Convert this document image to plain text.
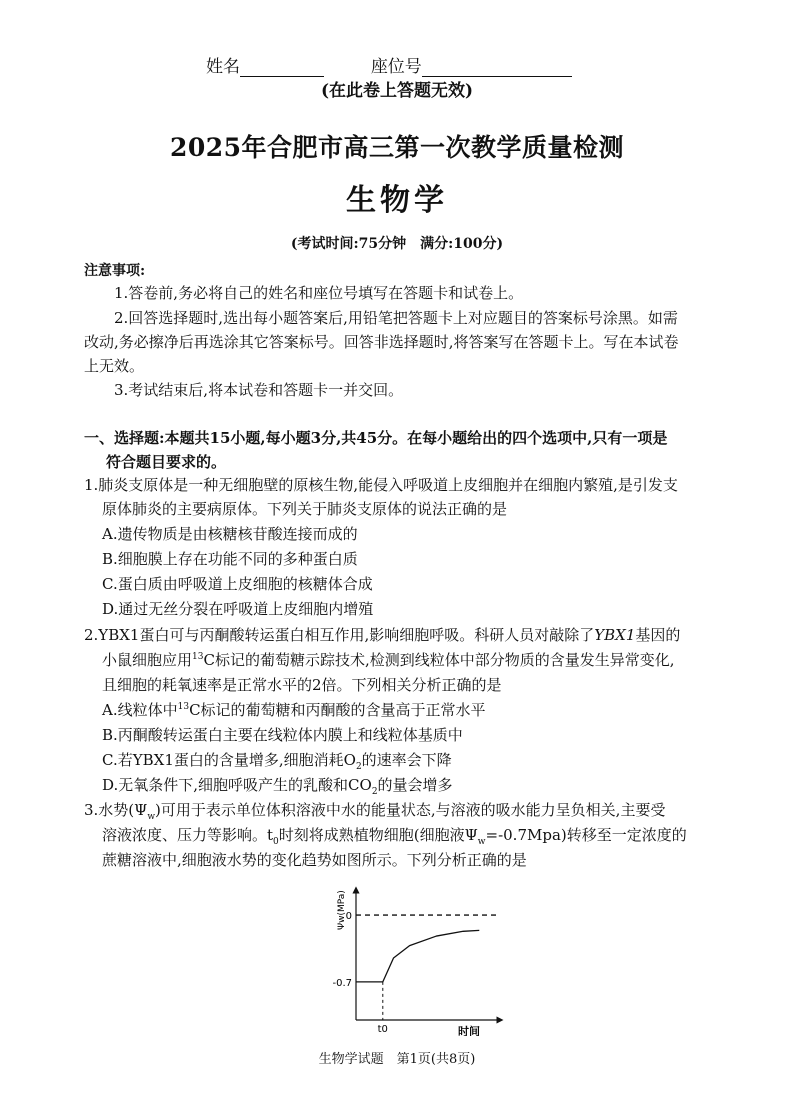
姓名	座位号
(在此卷上答题无效)
2025年合肥市高三第一次教学质量检测
生物学
(考试时间:75分钟　满分:100分)
注意事项:
1.答卷前,务必将自己的姓名和座位号填写在答题卡和试卷上。
2.回答选择题时,选出每小题答案后,用铅笔把答题卡上对应题目的答案标号涂黑。如需
改动,务必擦净后再选涂其它答案标号。回答非选择题时,将答案写在答题卡上。写在本试卷
上无效。
3.考试结束后,将本试卷和答题卡一并交回。
一、选择题:本题共15小题,每小题3分,共45分。在每小题给出的四个选项中,只有一项是
符合题目要求的。
1.肺炎支原体是一种无细胞壁的原核生物,能侵入呼吸道上皮细胞并在细胞内繁殖,是引发支
原体肺炎的主要病原体。下列关于肺炎支原体的说法正确的是
A.遗传物质是由核糖核苷酸连接而成的
B.细胞膜上存在功能不同的多种蛋白质
C.蛋白质由呼吸道上皮细胞的核糖体合成
D.通过无丝分裂在呼吸道上皮细胞内增殖
2.YBX1蛋白可与丙酮酸转运蛋白相互作用,影响细胞呼吸。科研人员对敲除了YBX1基因的
小鼠细胞应用$^{13}$C标记的葡萄糖示踪技术,检测到线粒体中部分物质的含量发生异常变化,
且细胞的耗氧速率是正常水平的2倍。下列相关分析正确的是
A.线粒体中$^{13}$C标记的葡萄糖和丙酮酸的含量高于正常水平
B.丙酮酸转运蛋白主要在线粒体内膜上和线粒体基质中
C.若YBX1蛋白的含量增多,细胞消耗$O_2$的速率会下降
D.无氧条件下,细胞呼吸产生的乳酸和$CO_2$的量会增多
3.水势$(\Psi_w)$可用于表示单位体积溶液中水的能量状态,与溶液的吸水能力呈负相关,主要受
溶液浓度、压力等影响。$t_0$时刻将成熟植物细胞(细胞液$\Psi_w=-0.7Mpa$)转移至一定浓度的
蔗糖溶液中,细胞液水势的变化趋势如图所示。下列分析正确的是
0
-0.7
t0	时间
Ψw(MPa)
生物学试题　第1页(共8页)
